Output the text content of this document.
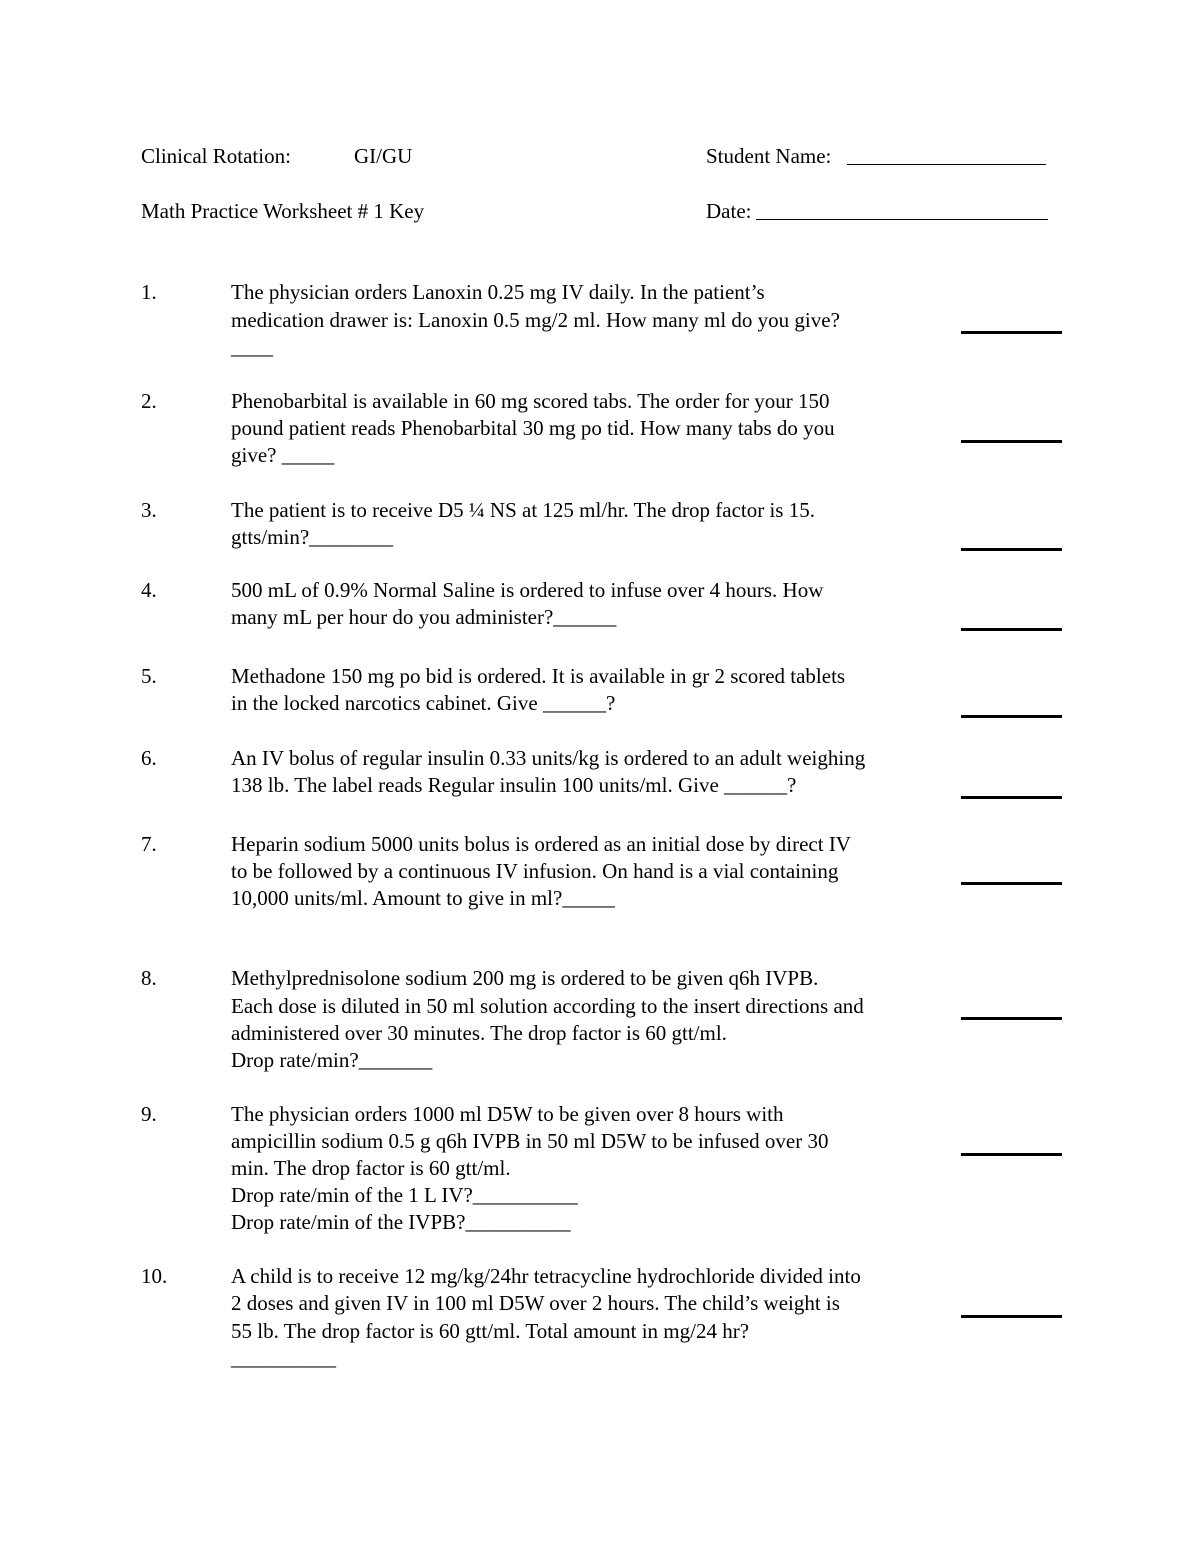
Clinical Rotation:	GI/GU	Student Name:
Math Practice Worksheet # 1 Key	Date:
1.	The physician orders Lanoxin 0.25 mg IV daily. In the patient’s
medication drawer is: Lanoxin 0.5 mg/2 ml. How many ml do you give?
____
2.	Phenobarbital is available in 60 mg scored tabs. The order for your 150
pound patient reads Phenobarbital 30 mg po tid. How many tabs do you
give? _____
3.	The patient is to receive D5 ¼ NS at 125 ml/hr. The drop factor is 15.
gtts/min?________
4.	500 mL of 0.9% Normal Saline is ordered to infuse over 4 hours. How
many mL per hour do you administer?______
5.	Methadone 150 mg po bid is ordered. It is available in gr 2 scored tablets
in the locked narcotics cabinet. Give ______?
6.	An IV bolus of regular insulin 0.33 units/kg is ordered to an adult weighing
138 lb. The label reads Regular insulin 100 units/ml. Give ______?
7.	Heparin sodium 5000 units bolus is ordered as an initial dose by direct IV
to be followed by a continuous IV infusion. On hand is a vial containing
10,000 units/ml. Amount to give in ml?_____
8.	Methylprednisolone sodium 200 mg is ordered to be given q6h IVPB.
Each dose is diluted in 50 ml solution according to the insert directions and
administered over 30 minutes. The drop factor is 60 gtt/ml.
Drop rate/min?_______
9.	The physician orders 1000 ml D5W to be given over 8 hours with
ampicillin sodium 0.5 g q6h IVPB in 50 ml D5W to be infused over 30
min. The drop factor is 60 gtt/ml.
Drop rate/min of the 1 L IV?__________
Drop rate/min of the IVPB?__________
10.	A child is to receive 12 mg/kg/24hr tetracycline hydrochloride divided into
2 doses and given IV in 100 ml D5W over 2 hours. The child’s weight is
55 lb. The drop factor is 60 gtt/ml. Total amount in mg/24 hr?
__________
